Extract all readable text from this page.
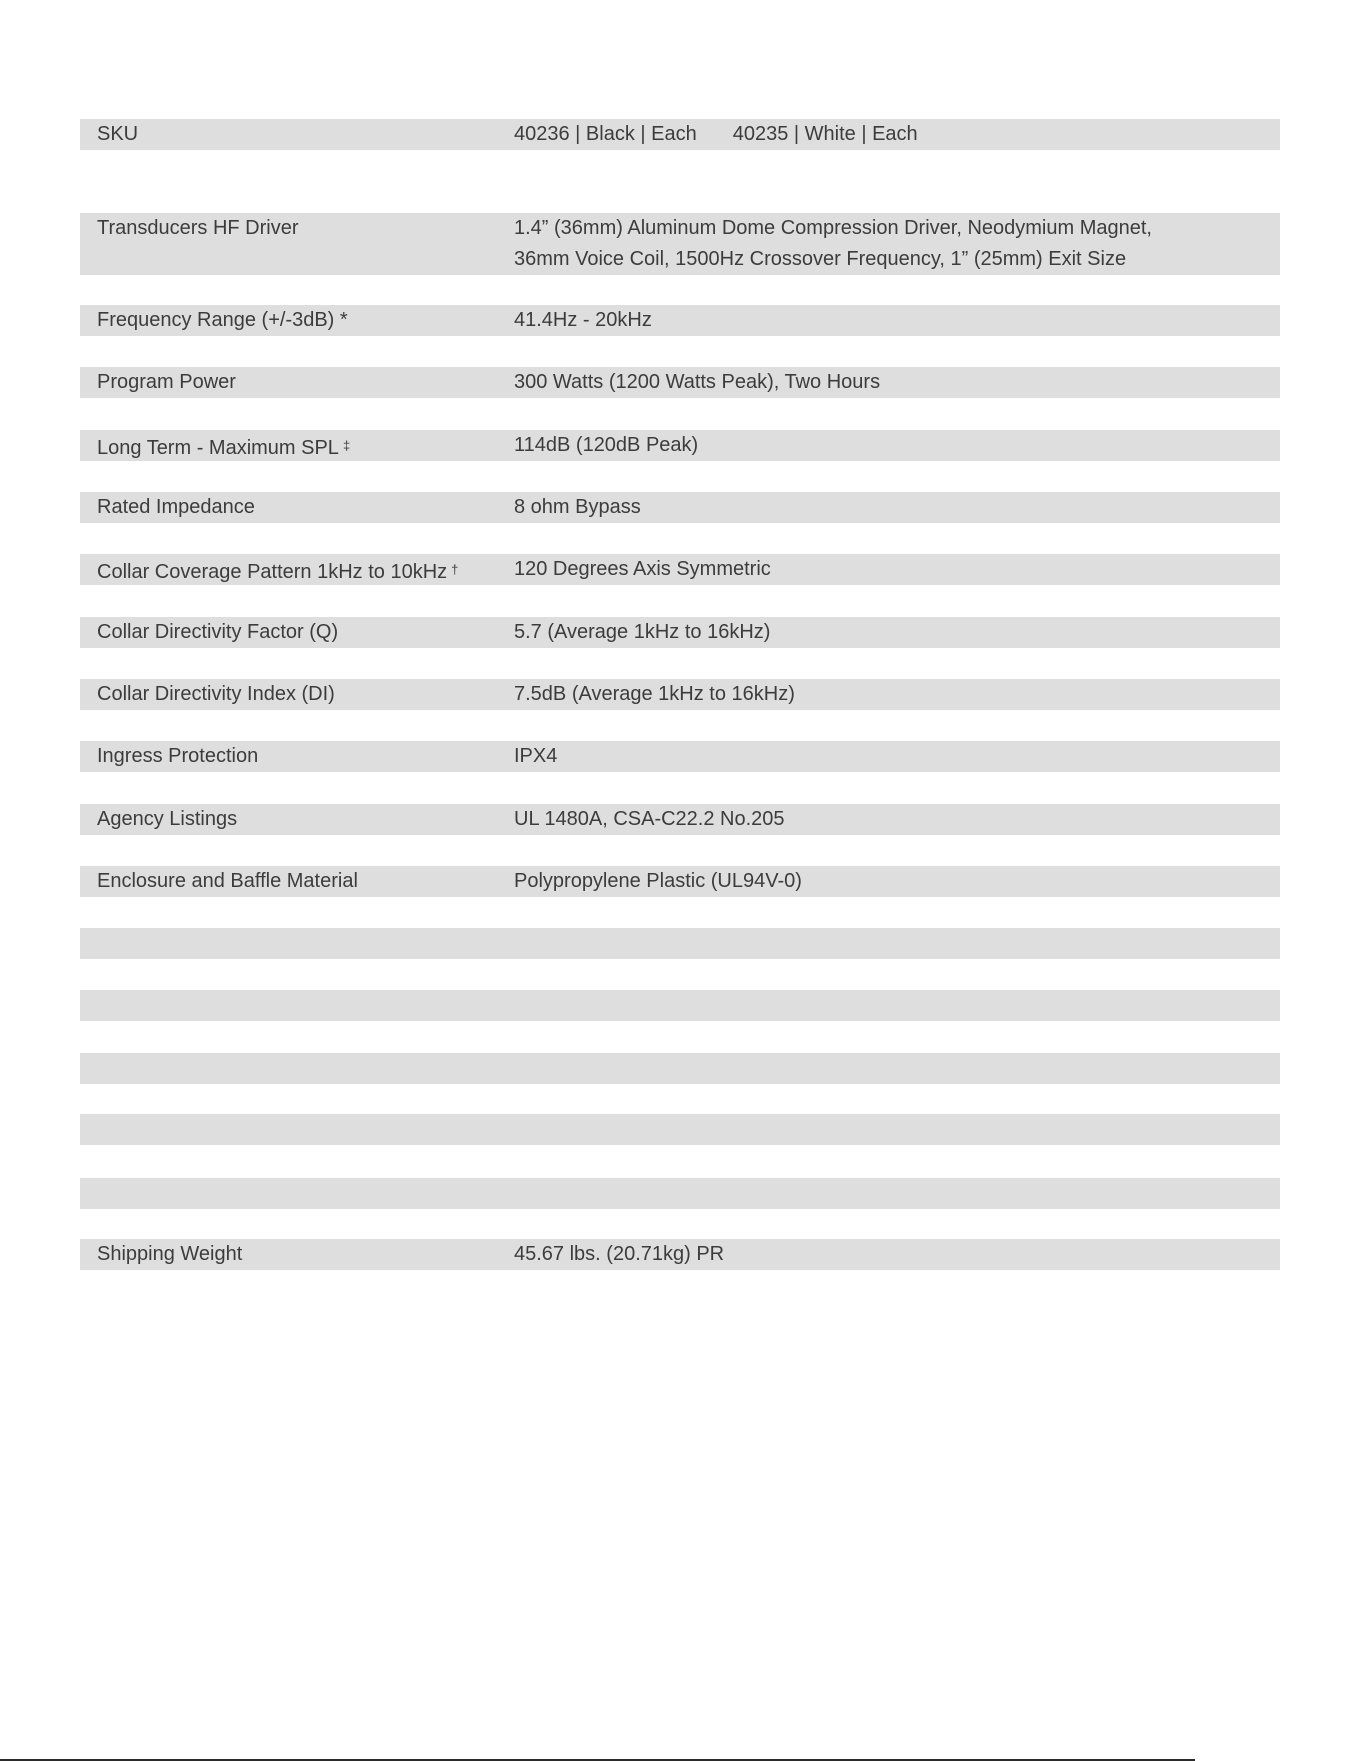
SKU	40236 | Black | Each 40235 | White | Each
Transducers HF Driver	1.4” (36mm) Aluminum Dome Compression Driver, Neodymium Magnet,
36mm Voice Coil, 1500Hz Crossover Frequency, 1” (25mm) Exit Size
Frequency Range (+/-3dB) *	41.4Hz - 20kHz
Program Power	300 Watts (1200 Watts Peak), Two Hours
Long Term - Maximum SPL ‡	114dB (120dB Peak)
Rated Impedance	8 ohm Bypass
Collar Coverage Pattern 1kHz to 10kHz †	120 Degrees Axis Symmetric
Collar Directivity Factor (Q)	5.7 (Average 1kHz to 16kHz)
Collar Directivity Index (DI)	7.5dB (Average 1kHz to 16kHz)
Ingress Protection	IPX4
Agency Listings	UL 1480A, CSA-C22.2 No.205
Enclosure and Baffle Material	Polypropylene Plastic (UL94V-0)
Shipping Weight	45.67 lbs. (20.71kg) PR
